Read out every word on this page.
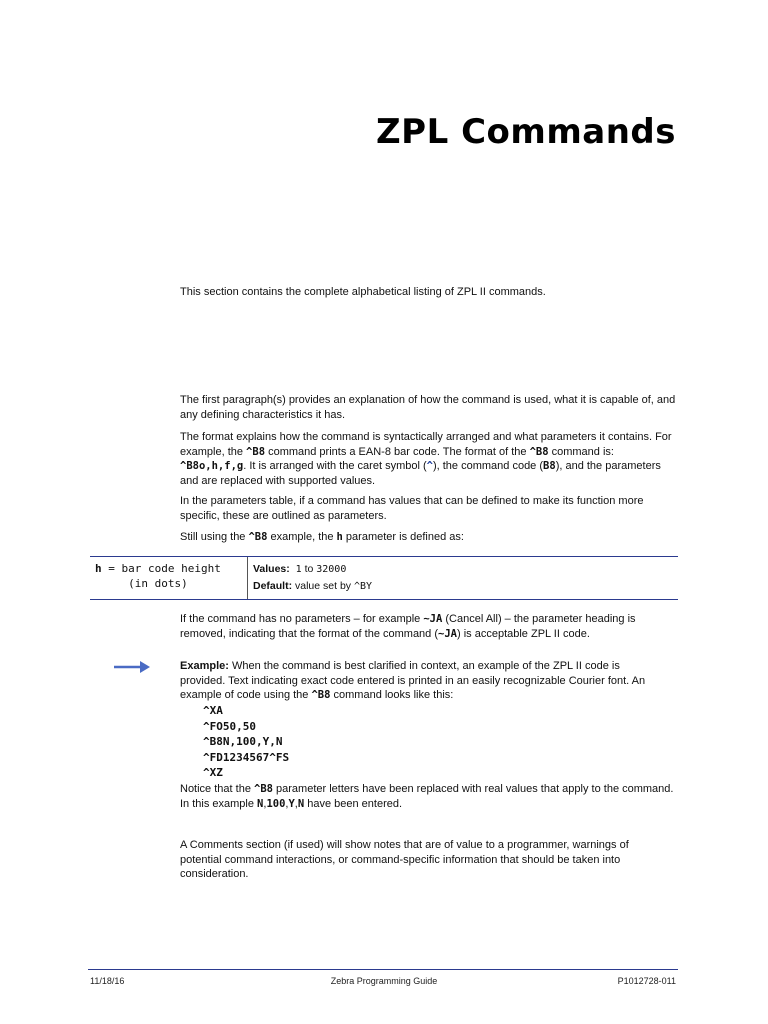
ZPL Commands

This section contains the complete alphabetical listing of ZPL II commands.

The first paragraph(s) provides an explanation of how the command is used, what it is capable of, and any defining characteristics it has.

The format explains how the command is syntactically arranged and what parameters it contains. For example, the ^B8 command prints a EAN-8 bar code. The format of the ^B8 command is: ^B8o,h,f,g. It is arranged with the caret symbol (^), the command code (B8), and the parameters and are replaced with supported values.

In the parameters table, if a command has values that can be defined to make its function more specific, these are outlined as parameters.

Still using the ^B8 example, the h parameter is defined as:

h = bar code height
(in dots)
Values: 1 to 32000
Default: value set by ^BY

If the command has no parameters – for example ~JA (Cancel All) – the parameter heading is removed, indicating that the format of the command (~JA) is acceptable ZPL II code.

Example: When the command is best clarified in context, an example of the ZPL II code is provided. Text indicating exact code entered is printed in an easily recognizable Courier font. An example of code using the ^B8 command looks like this:

^XA
^FO50,50
^B8N,100,Y,N
^FD1234567^FS
^XZ

Notice that the ^B8 parameter letters have been replaced with real values that apply to the command. In this example N,100,Y,N have been entered.

A Comments section (if used) will show notes that are of value to a programmer, warnings of potential command interactions, or command-specific information that should be taken into consideration.

11/18/16	Zebra Programming Guide	P1012728-011
